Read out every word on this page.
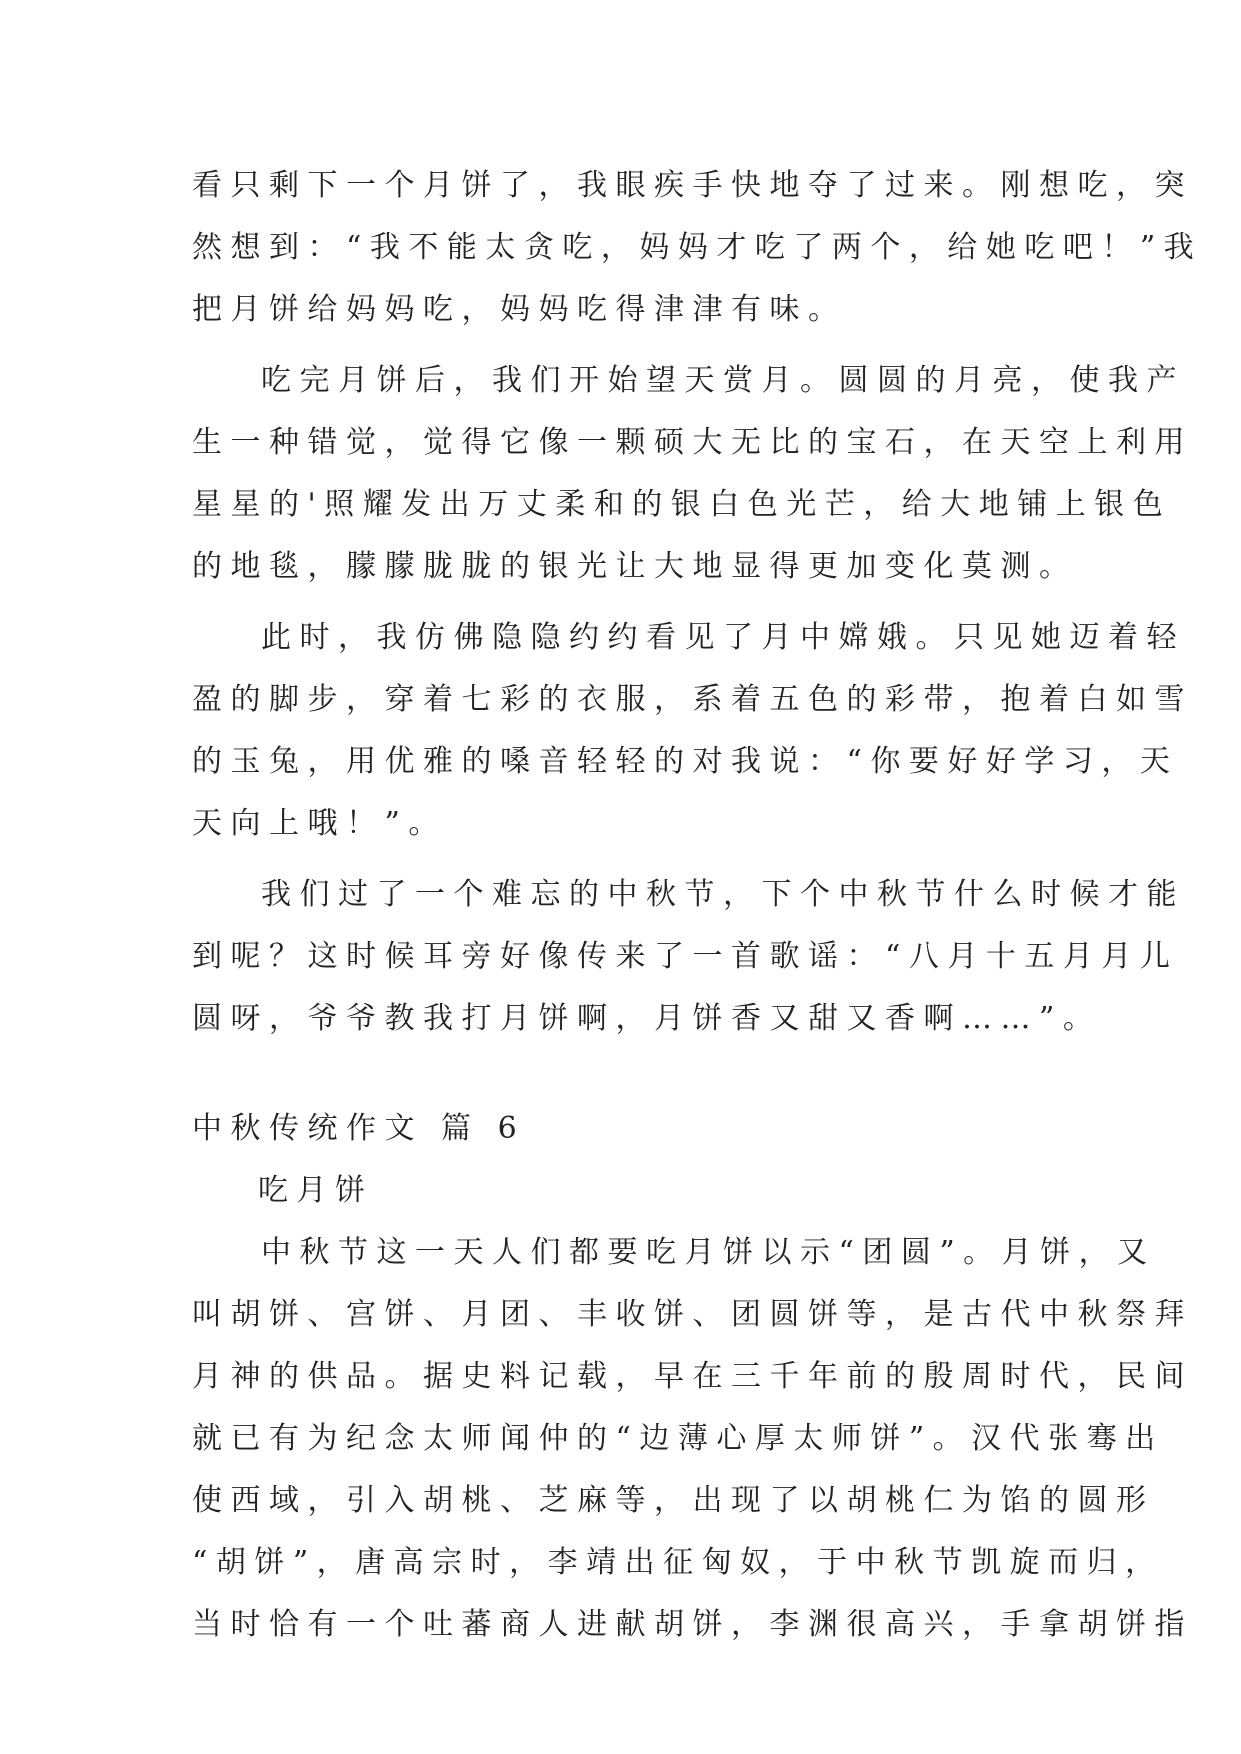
看只剩下一个月饼了，我眼疾手快地夺了过来。刚想吃，突
然想到：“我不能太贪吃，妈妈才吃了两个，给她吃吧！”我
把月饼给妈妈吃，妈妈吃得津津有味。
吃完月饼后，我们开始望天赏月。圆圆的月亮，使我产
生一种错觉，觉得它像一颗硕大无比的宝石，在天空上利用
星星的'照耀发出万丈柔和的银白色光芒，给大地铺上银色
的地毯，朦朦胧胧的银光让大地显得更加变化莫测。
此时，我仿佛隐隐约约看见了月中嫦娥。只见她迈着轻
盈的脚步，穿着七彩的衣服，系着五色的彩带，抱着白如雪
的玉兔，用优雅的嗓音轻轻的对我说：“你要好好学习，天
天向上哦！”。
我们过了一个难忘的中秋节，下个中秋节什么时候才能
到呢？这时候耳旁好像传来了一首歌谣：“八月十五月月儿
圆呀，爷爷教我打月饼啊，月饼香又甜又香啊……”。
中秋传统作文 篇 6
吃月饼
中秋节这一天人们都要吃月饼以示“团圆”。月饼，又
叫胡饼、宫饼、月团、丰收饼、团圆饼等，是古代中秋祭拜
月神的供品。据史料记载，早在三千年前的殷周时代，民间
就已有为纪念太师闻仲的“边薄心厚太师饼”。汉代张骞出
使西域，引入胡桃、芝麻等，出现了以胡桃仁为馅的圆形
“胡饼”，唐高宗时，李靖出征匈奴，于中秋节凯旋而归，
当时恰有一个吐蕃商人进献胡饼，李渊很高兴，手拿胡饼指
